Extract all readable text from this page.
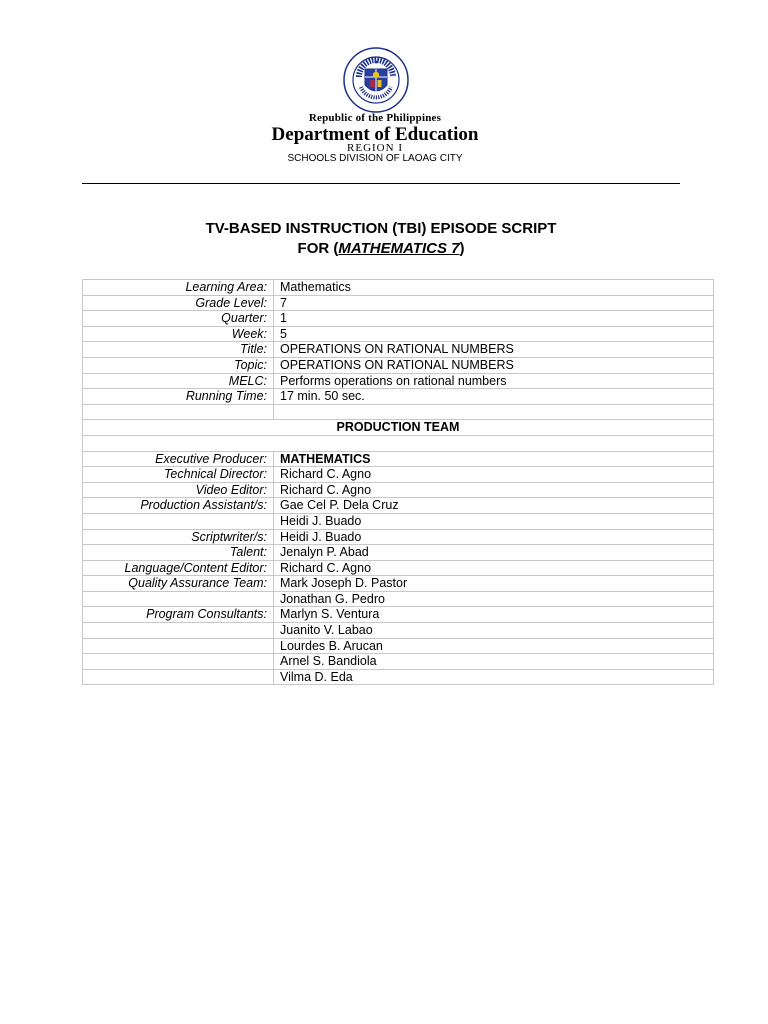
Republic of the Philippines
Department of Education
REGION I
SCHOOLS DIVISION OF LAOAG CITY
TV-BASED INSTRUCTION (TBI) EPISODE SCRIPT
FOR (MATHEMATICS 7)
Learning Area:	Mathematics
Grade Level:	7
Quarter:	1
Week:	5
Title:	OPERATIONS ON RATIONAL NUMBERS
Topic:	OPERATIONS ON RATIONAL NUMBERS
MELC:	Performs operations on rational numbers
Running Time:	17 min. 50 sec.

PRODUCTION TEAM	

Executive Producer:	MATHEMATICS
Technical Director:	Richard C. Agno
Video Editor:	Richard C. Agno
Production Assistant/s:	Gae Cel P. Dela Cruz
	Heidi J. Buado
Scriptwriter/s:	Heidi J. Buado
Talent:	Jenalyn P. Abad
Language/Content Editor:	Richard C. Agno
Quality Assurance Team:	Mark Joseph D. Pastor
	Jonathan G. Pedro
Program Consultants:	Marlyn S. Ventura
	Juanito V. Labao
	Lourdes B. Arucan
	Arnel S. Bandiola
	Vilma D. Eda
